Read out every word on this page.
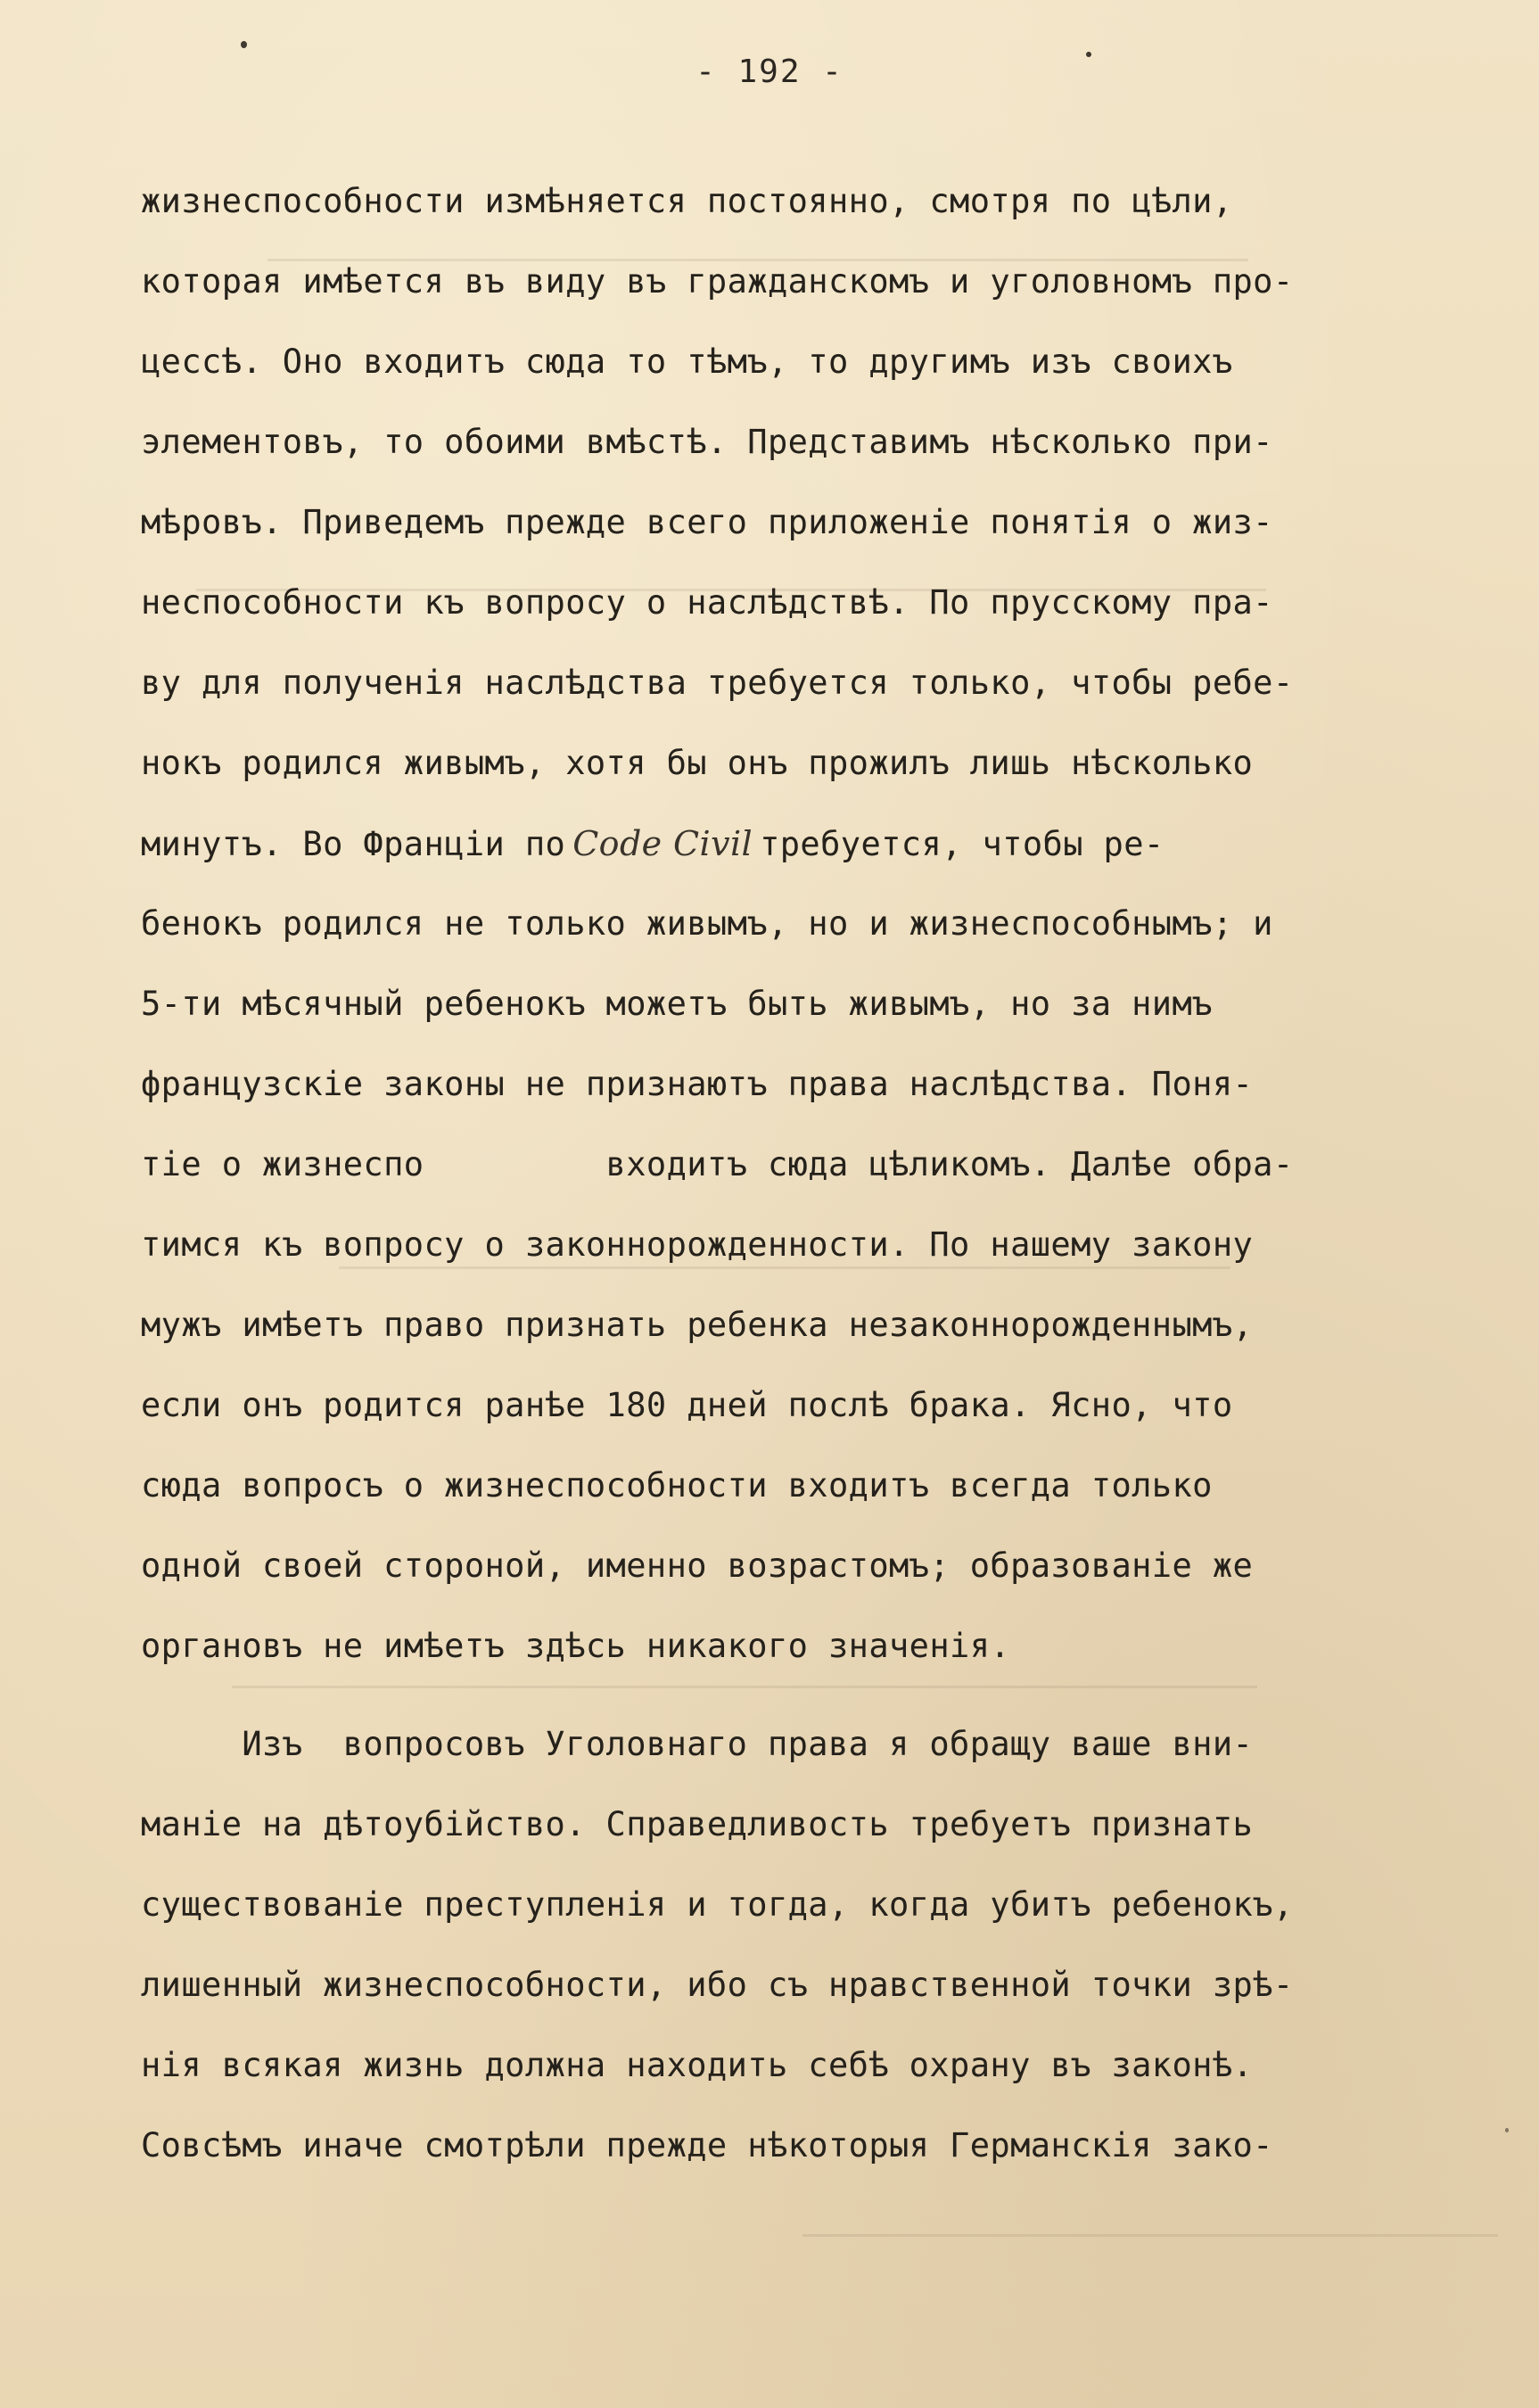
- 192 -
жизнеспособности измѣняется постоянно, смотря по цѣли,
которая имѣется въ виду въ гражданскомъ и уголовномъ про-
цессѣ. Оно входитъ сюда то тѣмъ, то другимъ изъ своихъ
элементовъ, то обоими вмѣстѣ. Представимъ нѣсколько при-
мѣровъ. Приведемъ прежде всего приложеніе понятія о жиз-
неспособности къ вопросу о наслѣдствѣ. По прусскому пра-
ву для полученія наслѣдства требуется только, чтобы ребе-
нокъ родился живымъ, хотя бы онъ прожилъ лишь нѣсколько
минутъ. Во Франціи по Code Civil требуется, чтобы ре-
бенокъ родился не только живымъ, но и жизнеспособнымъ; и
5-ти мѣсячный ребенокъ можетъ быть живымъ, но за нимъ
французскіе законы не признаютъ права наслѣдства. Поня-
тіе о жизнеспо         входитъ сюда цѣликомъ. Далѣе обра-
тимся къ вопросу о законнорожденности. По нашему закону
мужъ имѣетъ право признать ребенка незаконнорожденнымъ,
если онъ родится ранѣе 180 дней послѣ брака. Ясно, что
сюда вопросъ о жизнеспособности входитъ всегда только
одной своей стороной, именно возрастомъ; образованіе же
органовъ не имѣетъ здѣсь никакого значенія.
Изъ  вопросовъ Уголовнаго права я обращу ваше вни-
маніе на дѣтоубійство. Справедливость требуетъ признать
существованіе преступленія и тогда, когда убитъ ребенокъ,
лишенный жизнеспособности, ибо съ нравственной точки зрѣ-
нія всякая жизнь должна находить себѣ охрану въ законѣ.
Совсѣмъ иначе смотрѣли прежде нѣкоторыя Германскія зако-
